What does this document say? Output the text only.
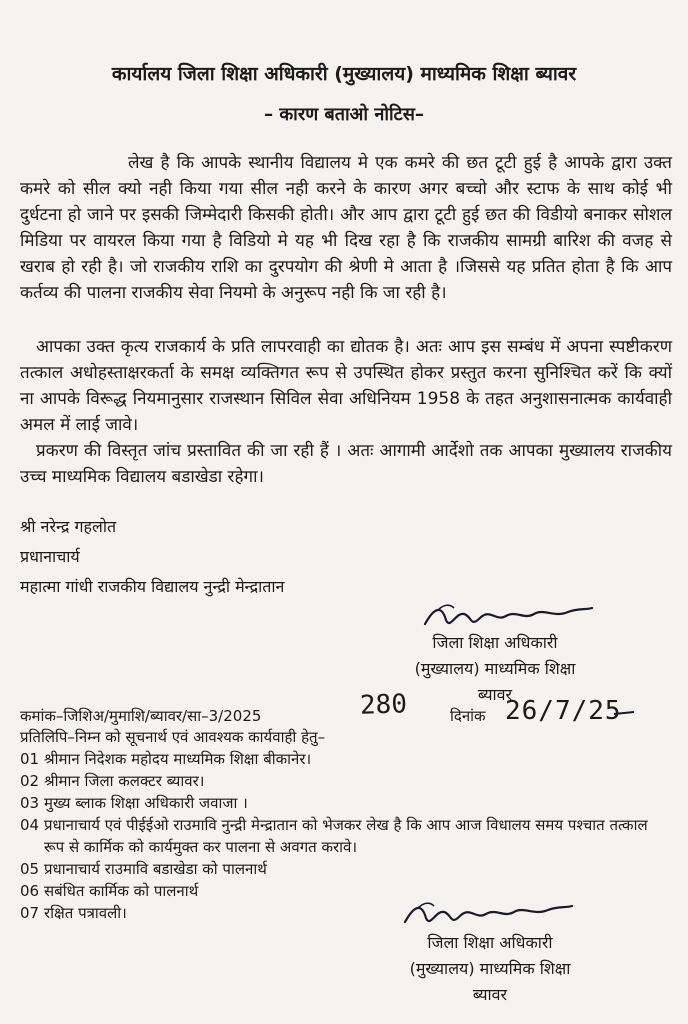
कार्यालय जिला शिक्षा अधिकारी (मुख्यालय) माध्यमिक शिक्षा ब्यावर
– कारण बताओ नोटिस–
लेख है कि आपके स्थानीय विद्यालय मे एक कमरे की छत टूटी हुई है आपके द्वारा उक्त कमरे को सील क्यो नही किया गया सील नही करने के कारण अगर बच्चो और स्टाफ के साथ कोई भी दुर्धटना हो जाने पर इसकी जिम्मेदारी किसकी होती। और आप द्वारा टूटी हुई छत की विडीयो बनाकर सोशल मिडिया पर वायरल किया गया है विडियो मे यह भी दिख रहा है कि राजकीय सामग्री बारिश की वजह से खराब हो रही है। जो राजकीय राशि का दुरपयोग की श्रेणी मे आता है ।जिससे यह प्रतित होता है कि आप कर्तव्य की पालना राजकीय सेवा नियमो के अनुरूप नही कि जा रही है।
आपका उक्त कृत्य राजकार्य के प्रति लापरवाही का द्योतक है। अतः आप इस सम्बंध में अपना स्पष्टीकरण तत्काल अधोहस्ताक्षरकर्ता के समक्ष व्यक्तिगत रूप से उपस्थित होकर प्रस्तुत करना सुनिश्चित करें कि क्यों ना आपके विरूद्ध नियमानुसार राजस्थान सिविल सेवा अधिनियम 1958 के तहत अनुशासनात्मक कार्यवाही अमल में लाई जावे।
प्रकरण की विस्तृत जांच प्रस्तावित की जा रही हैं । अतः आगामी आर्देशो तक आपका मुख्यालय राजकीय उच्च माध्यमिक विद्यालय बडाखेडा रहेगा।
श्री नरेन्द्र गहलोत
प्रधानाचार्य
महात्मा गांधी राजकीय विद्यालय नुन्द्री मेन्द्रातान
जिला शिक्षा अधिकारी
(मुख्यालय) माध्यमिक शिक्षा
ब्यावर
कमांक–जिशिअ/मुमाशि/ब्यावर/सा–3/2025	280	दिनांक 26/7/25
प्रतिलिपि–निम्न को सूचनार्थ एवं आवश्यक कार्यवाही हेतु–
01 श्रीमान निदेशक महोदय माध्यमिक शिक्षा बीकानेर।
02 श्रीमान जिला कलक्टर ब्यावर।
03 मुख्य ब्लाक शिक्षा अधिकारी जवाजा ।
04 प्रधानाचार्य एवं पीईईओ राउमावि नुन्द्री मेन्द्रातान को भेजकर लेख है कि आप आज विधालय समय पश्चात तत्काल रूप से कार्मिक को कार्यमुक्त कर पालना से अवगत करावे।
05 प्रधानाचार्य राउमावि बडाखेडा को पालनार्थ
06 सबंधित कार्मिक को पालनार्थ
07 रक्षित पत्रावली।
जिला शिक्षा अधिकारी
(मुख्यालय) माध्यमिक शिक्षा
ब्यावर
